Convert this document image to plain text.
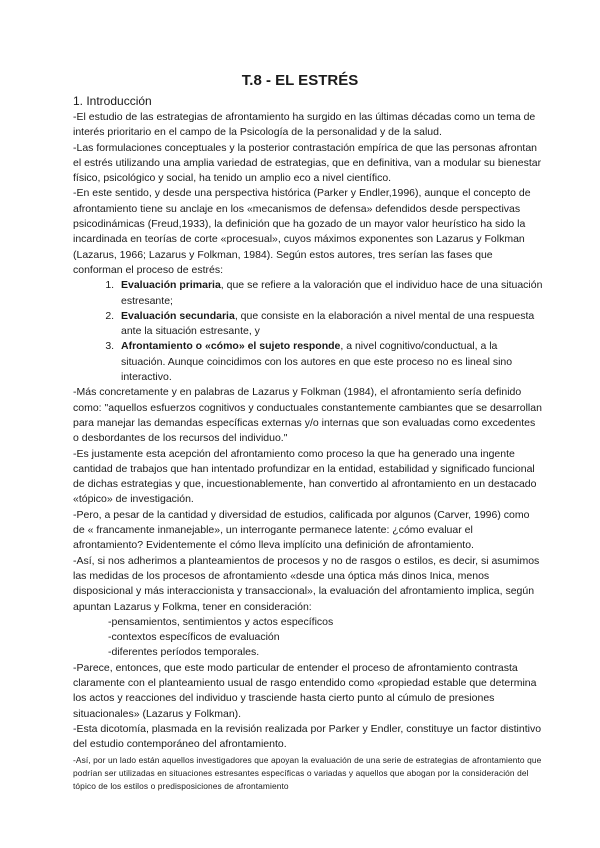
T.8 - EL ESTRÉS
1. Introducción

-El estudio de las estrategias de afrontamiento ha surgido en las últimas décadas como un tema de interés prioritario en el campo de la Psicología de la personalidad y de la salud.

-Las formulaciones conceptuales y la posterior contrastación empírica de que las personas afrontan el estrés utilizando una amplia variedad de estrategias, que en definitiva, van a modular su bienestar físico, psicológico y social, ha tenido un amplio eco a nivel científico.

-En este sentido, y desde una perspectiva histórica (Parker y Endler,1996), aunque el concepto de afrontamiento tiene su anclaje en los «mecanismos de defensa» defendidos desde perspectivas psicodinámicas (Freud,1933), la definición que ha gozado de un mayor valor heurístico ha sido la incardinada en teorías de corte «procesual», cuyos máximos exponentes son Lazarus y Folkman (Lazarus, 1966; Lazarus y Folkman, 1984). Según estos autores, tres serían las fases que conforman el proceso de estrés:

1. Evaluación primaria, que se refiere a la valoración que el individuo hace de una situación estresante;
2. Evaluación secundaria, que consiste en la elaboración a nivel mental de una respuesta ante la situación estresante, y
3. Afrontamiento o «cómo» el sujeto responde, a nivel cognitivo/conductual, a la situación. Aunque coincidimos con los autores en que este proceso no es lineal sino interactivo.

-Más concretamente y en palabras de Lazarus y Folkman (1984), el afrontamiento sería definido como: "aquellos esfuerzos cognitivos y conductuales constantemente cambiantes que se desarrollan para manejar las demandas específicas externas y/o internas que son evaluadas como excedentes o desbordantes de los recursos del individuo."

-Es justamente esta acepción del afrontamiento como proceso la que ha generado una ingente cantidad de trabajos que han intentado profundizar en la entidad, estabilidad y significado funcional de dichas estrategias y que, incuestionablemente, han convertido al afrontamiento en un destacado «tópico» de investigación.

-Pero, a pesar de la cantidad y diversidad de estudios, calificada por algunos (Carver, 1996) como de « francamente inmanejable», un interrogante permanece latente: ¿cómo evaluar el afrontamiento? Evidentemente el cómo lleva implícito una definición de afrontamiento.

-Así, si nos adherimos a planteamientos de procesos y no de rasgos o estilos, es decir, si asumimos las medidas de los procesos de afrontamiento «desde una óptica más dinos Inica, menos disposicional y más interaccionista y transaccional», la evaluación del afrontamiento implica, según apuntan Lazarus y Folkma, tener en consideración:

-pensamientos, sentimientos y actos específicos
-contextos específicos de evaluación
-diferentes períodos temporales.

-Parece, entonces, que este modo particular de entender el proceso de afrontamiento contrasta claramente con el planteamiento usual de rasgo entendido como «propiedad estable que determina los actos y reacciones del individuo y trasciende hasta cierto punto al cúmulo de presiones situacionales» (Lazarus y Folkman).

-Esta dicotomía, plasmada en la revisión realizada por Parker y Endler, constituye un factor distintivo del estudio contemporáneo del afrontamiento.

-Así, por un lado están aquellos investigadores que apoyan la evaluación de una serie de estrategias de afrontamiento que podrían ser utilizadas en situaciones estresantes específicas o variadas y aquellos que abogan por la consideración del tópico de los estilos o predisposiciones de afrontamiento
